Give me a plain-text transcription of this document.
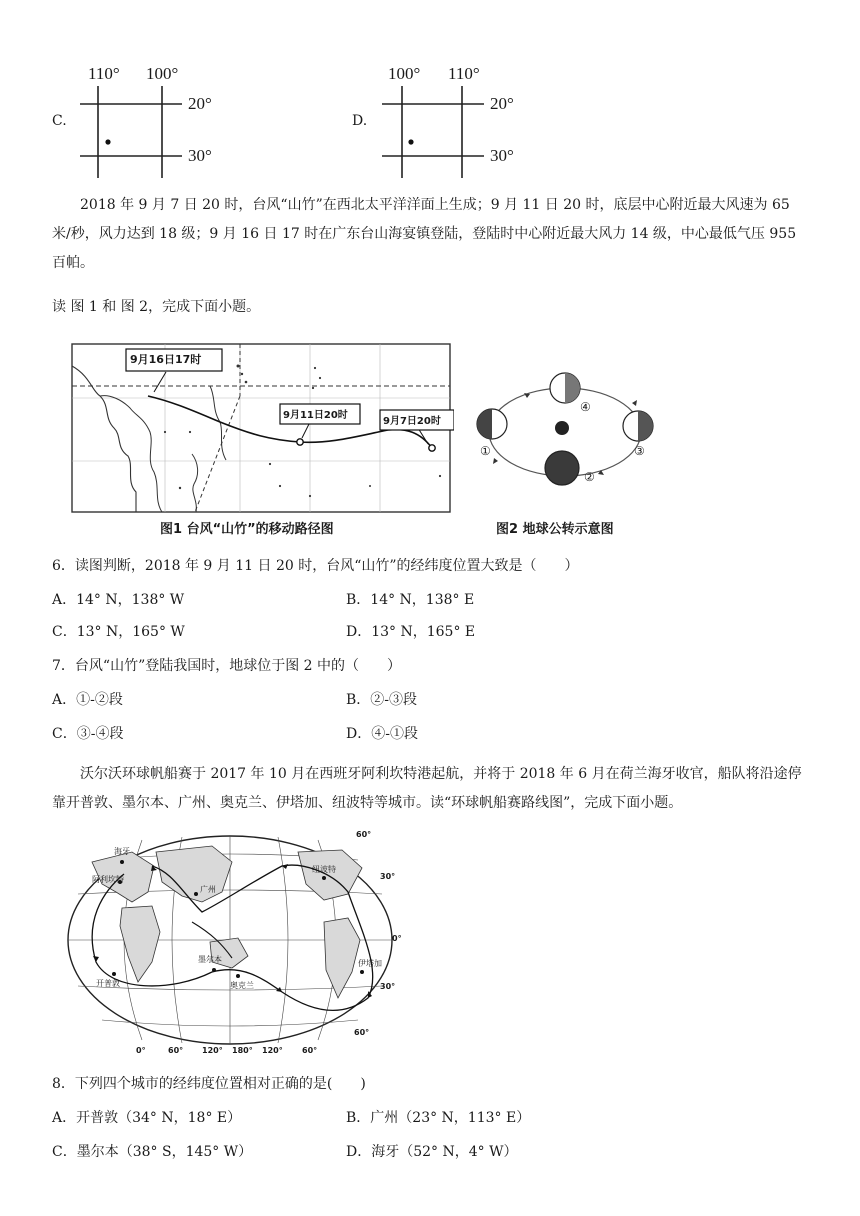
C.
110° 100°
20°
30°
D.
100° 110°
20°
30°
2018 年 9 月 7 日 20 时，台风“山竹”在西北太平洋洋面上生成；9 月 11 日 20 时，底层中心附近最大风速为 65 米/秒，风力达到 18 级；9 月 16 日 17 时在广东台山海宴镇登陆，登陆时中心附近最大风力 14 级，中心最低气压 955 百帕。
读 图 1 和 图 2，完成下面小题。
9月16日17时
9月11日20时
9月7日20时
图1 台风“山竹”的移动路径图
④
①
②
③
图2 地球公转示意图
6．读图判断，2018 年 9 月 11 日 20 时，台风“山竹”的经纬度位置大致是（　　）
A．14° N，138° W	B．14° N，138° E
C．13° N，165° W	D．13° N，165° E
7．台风“山竹”登陆我国时，地球位于图 2 中的（　　）
A．①-②段	B．②-③段
C．③-④段	D．④-①段
沃尔沃环球帆船赛于 2017 年 10 月在西班牙阿利坎特港起航，并将于 2018 年 6 月在荷兰海牙收官，船队将沿途停靠开普敦、墨尔本、广州、奥克兰、伊塔加、纽波特等城市。读“环球帆船赛路线图”，完成下面小题。
60°
30°
0°
30°
60°
0°	60° 120° 180° 120° 60°
海牙
阿利坎特
广州
纽波特
开普敦
墨尔本
奥克兰
伊塔加
8．下列四个城市的经纬度位置相对正确的是(　　)
A．开普敦（34° N，18° E）	B．广州（23° N，113° E）
C．墨尔本（38° S，145° W）	D．海牙（52° N，4° W）
